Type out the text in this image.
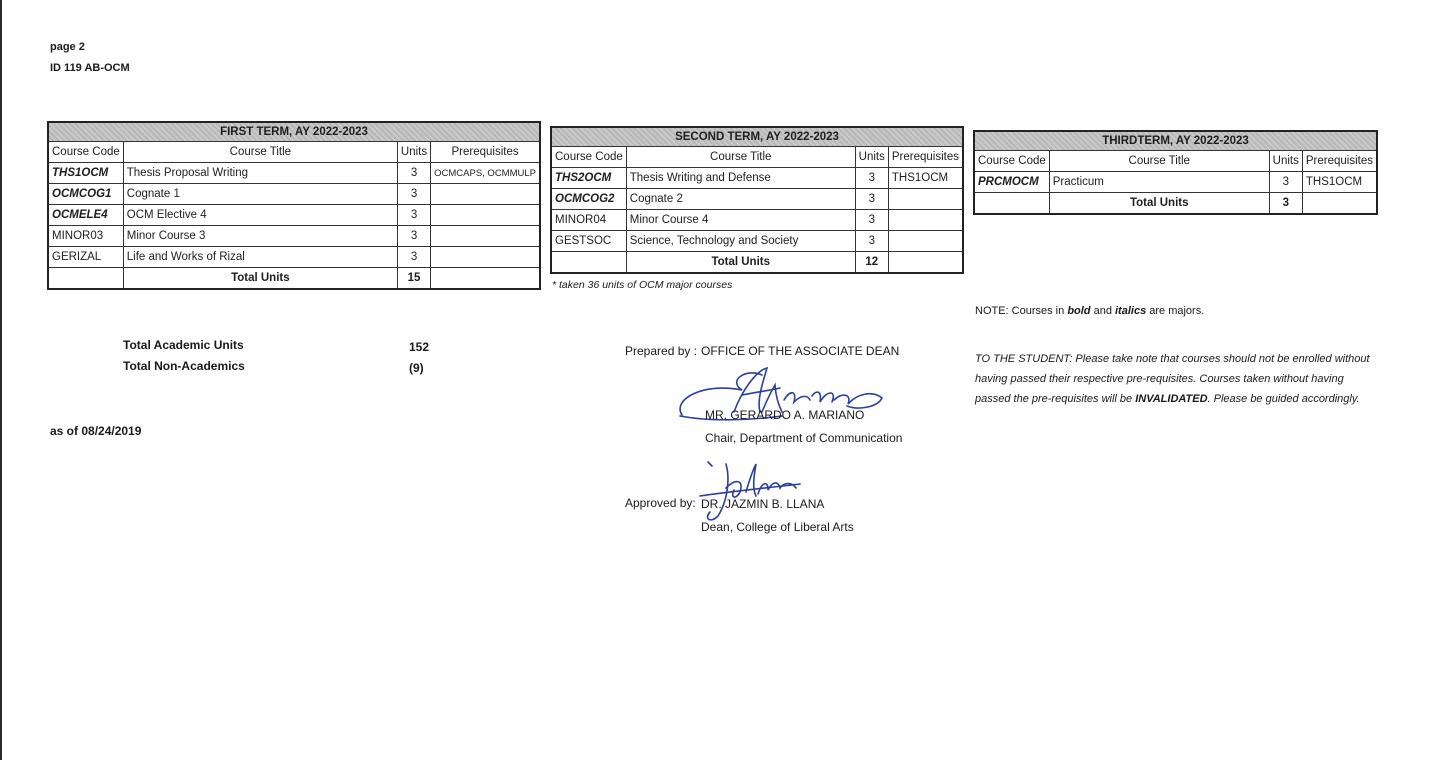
page 2
ID 119 AB-OCM
FIRST TERM, AY 2022-2023			
Course Code	Course Title	Units	Prerequisites
THS1OCM	Thesis Proposal Writing	3	OCMCAPS, OCMMULP
OCMCOG1	Cognate 1	3	
OCMELE4	OCM Elective 4	3	
MINOR03	Minor Course 3	3	
GERIZAL	Life and Works of Rizal	3	
	Total Units	15	
SECOND TERM, AY 2022-2023			
Course Code	Course Title	Units	Prerequisites
THS2OCM	Thesis Writing and Defense	3	THS1OCM
OCMCOG2	Cognate 2	3	
MINOR04	Minor Course 4	3	
GESTSOC	Science, Technology and Society	3	
	Total Units	12	
* taken 36 units of OCM major courses
THIRDTERM, AY 2022-2023			
Course Code	Course Title	Units	Prerequisites
PRCMOCM	Practicum	3	THS1OCM
	Total Units	3	
NOTE: Courses in bold and italics are majors.
TO THE STUDENT: Please take note that courses should not be enrolled without
having passed their respective pre-requisites. Courses taken without having
passed the pre-requisites will be INVALIDATED. Please be guided accordingly.
Total Academic Units	152
Total Non-Academics	(9)
as of 08/24/2019
Prepared by : OFFICE OF THE ASSOCIATE DEAN
MR. GERARDO A. MARIANO
Chair, Department of Communication
Approved by: DR. JAZMIN B. LLANA
Dean, College of Liberal Arts
